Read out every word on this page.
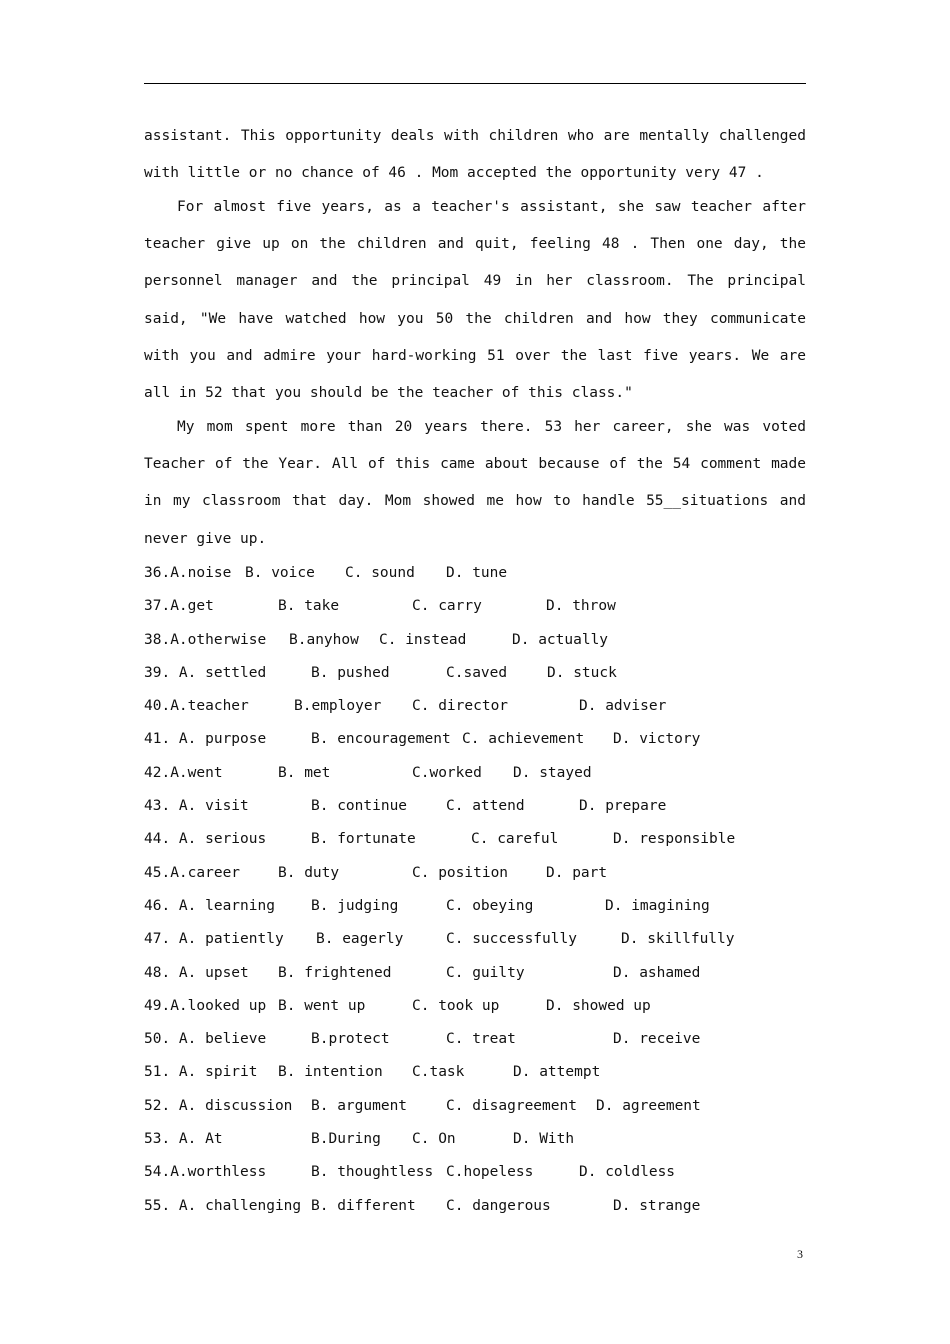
assistant. This opportunity deals with children who are mentally challenged
with little or no chance of 46 . Mom accepted the opportunity very 47 .
For almost five years, as a teacher's assistant, she saw teacher after
teacher give up on the children and quit, feeling 48 . Then one day, the
personnel manager and the principal 49 in her classroom. The principal
said, "We have watched how you 50 the children and how they communicate
with you and admire your hard-working 51 over the last five years. We are
all in 52 that you should be the teacher of this class."
My mom spent more than 20 years there. 53 her career, she was voted
Teacher of the Year. All of this came about because of the 54 comment made
in my classroom that day. Mom showed me how to handle 55__situations and
never give up.
36.A.noise B. voice C. sound D. tune
37.A.get	B. take	C. carry	D. throw
38.A.otherwise B.anyhow C. instead	D. actually
39. A. settled	B. pushed	C.saved	D. stuck
40.A.teacher	B.employer C. director	D. adviser
41. A. purpose	B. encouragement C. achievement D. victory
42.A.went	B. met	C.worked D. stayed
43. A. visit	B. continue	C. attend	D. prepare
44. A. serious	B. fortunate	C. careful	D. responsible
45.A.career	B. duty	C. position	D. part
46. A. learning B. judging	C. obeying	D. imagining
47. A. patiently B. eagerly	C. successfully	D. skillfully
48. A. upset B. frightened	C. guilty	D. ashamed
49.A.looked up B. went up	C. took up	D. showed up
50. A. believe	B.protect	C. treat	D. receive
51. A. spirit B. intention C.task	D. attempt
52. A. discussion B. argument	C. disagreement D. agreement
53. A. At	B.During C. On	D. With
54.A.worthless	B. thoughtless C.hopeless	D. coldless
55. A. challenging B. different C. dangerous	D. strange
3
